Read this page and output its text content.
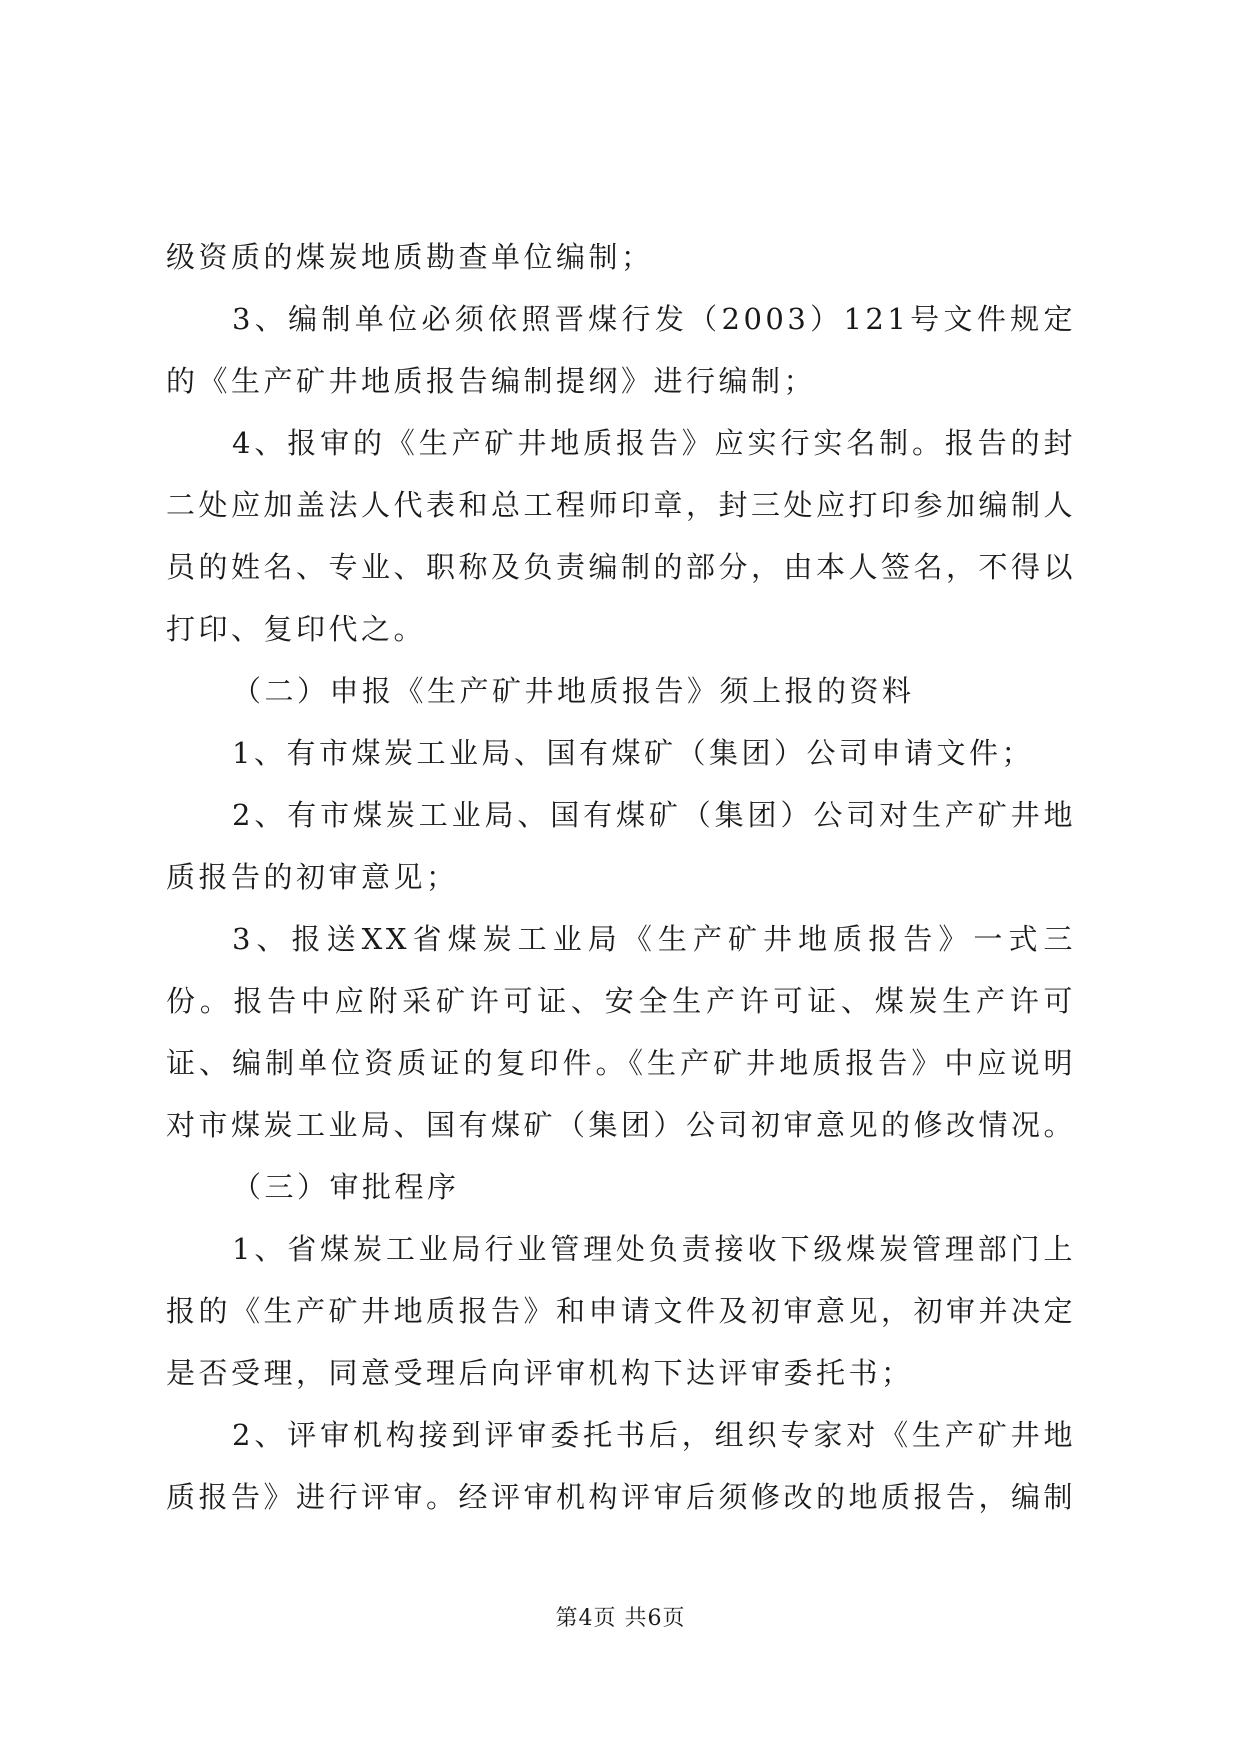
级资质的煤炭地质勘查单位编制；

3、编制单位必须依照晋煤行发（2003）121号文件规定的《生产矿井地质报告编制提纲》进行编制；

4、报审的《生产矿井地质报告》应实行实名制。报告的封二处应加盖法人代表和总工程师印章，封三处应打印参加编制人员的姓名、专业、职称及负责编制的部分，由本人签名，不得以打印、复印代之。

（二）申报《生产矿井地质报告》须上报的资料

1、有市煤炭工业局、国有煤矿（集团）公司申请文件；

2、有市煤炭工业局、国有煤矿（集团）公司对生产矿井地质报告的初审意见；

3、报送XX省煤炭工业局《生产矿井地质报告》一式三份。报告中应附采矿许可证、安全生产许可证、煤炭生产许可证、编制单位资质证的复印件。《生产矿井地质报告》中应说明对市煤炭工业局、国有煤矿（集团）公司初审意见的修改情况。

（三）审批程序

1、省煤炭工业局行业管理处负责接收下级煤炭管理部门上报的《生产矿井地质报告》和申请文件及初审意见，初审并决定是否受理，同意受理后向评审机构下达评审委托书；

2、评审机构接到评审委托书后，组织专家对《生产矿井地质报告》进行评审。经评审机构评审后须修改的地质报告，编制

第4页 共6页
